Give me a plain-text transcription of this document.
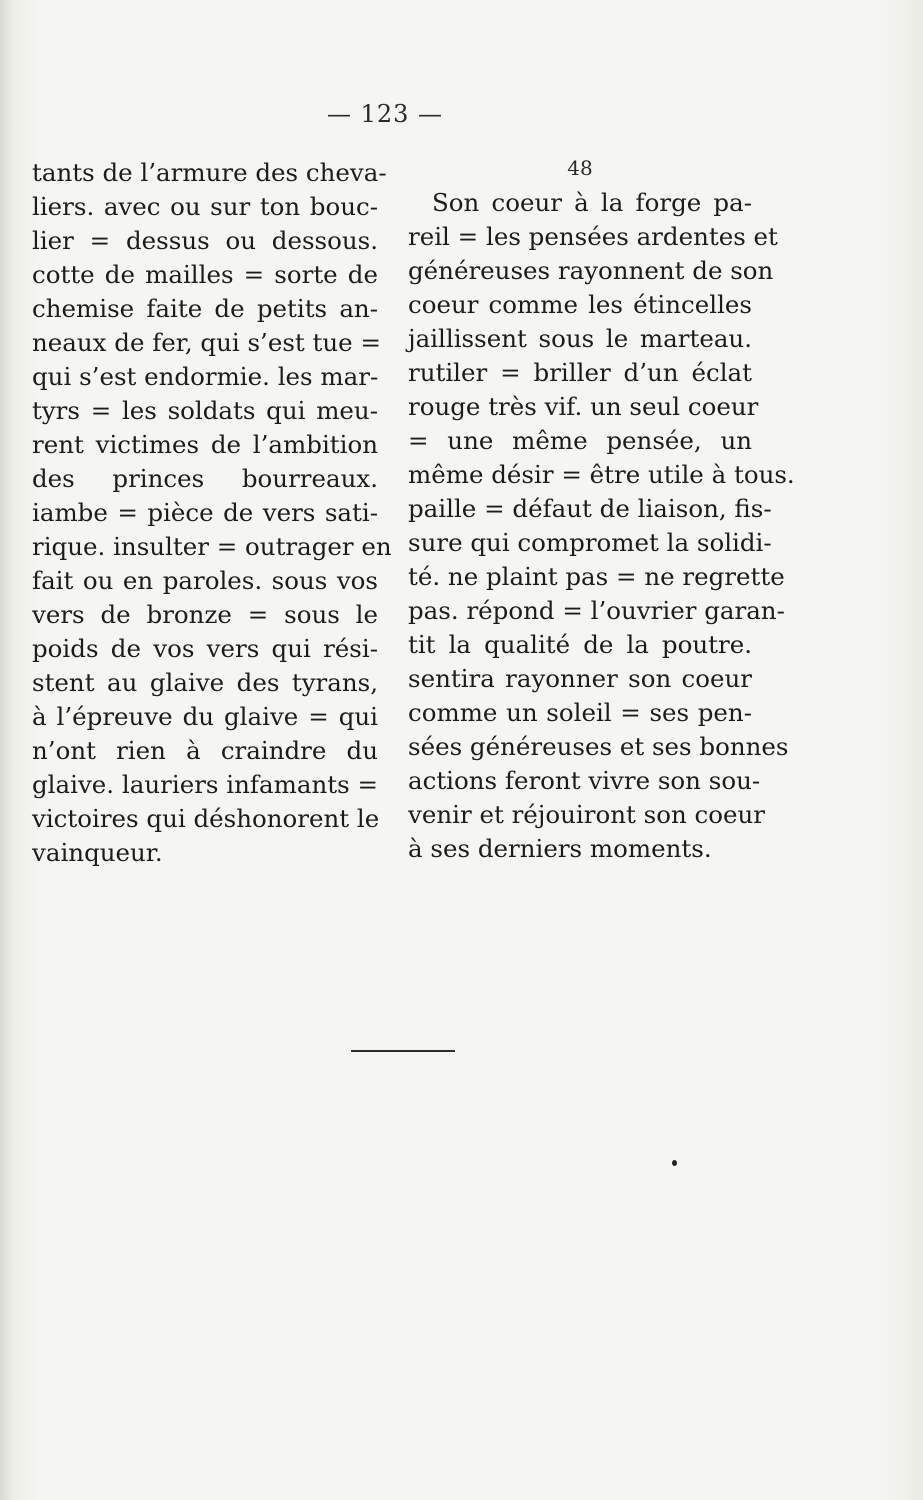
— 123 —
tants de l’armure des cheva-
liers. avec ou sur ton bouc-
lier = dessus ou dessous.
cotte de mailles = sorte de
chemise faite de petits an-
neaux de fer, qui s’est tue =
qui s’est endormie. les mar-
tyrs = les soldats qui meu-
rent victimes de l’ambition
des princes bourreaux.
iambe = pièce de vers sati-
rique. insulter = outrager en
fait ou en paroles. sous vos
vers de bronze = sous le
poids de vos vers qui rési-
stent au glaive des tyrans,
à l’épreuve du glaive = qui
n’ont rien à craindre du
glaive. lauriers infamants =
victoires qui déshonorent le
vainqueur.
48
Son coeur à la forge pa-
reil = les pensées ardentes et
généreuses rayonnent de son
coeur comme les étincelles
jaillissent sous le marteau.
rutiler = briller d’un éclat
rouge très vif. un seul coeur
= une même pensée, un
même désir = être utile à tous.
paille = défaut de liaison, fis-
sure qui compromet la solidi-
té. ne plaint pas = ne regrette
pas. répond = l’ouvrier garan-
tit la qualité de la poutre.
sentira rayonner son coeur
comme un soleil = ses pen-
sées généreuses et ses bonnes
actions feront vivre son sou-
venir et réjouiront son coeur
à ses derniers moments.
